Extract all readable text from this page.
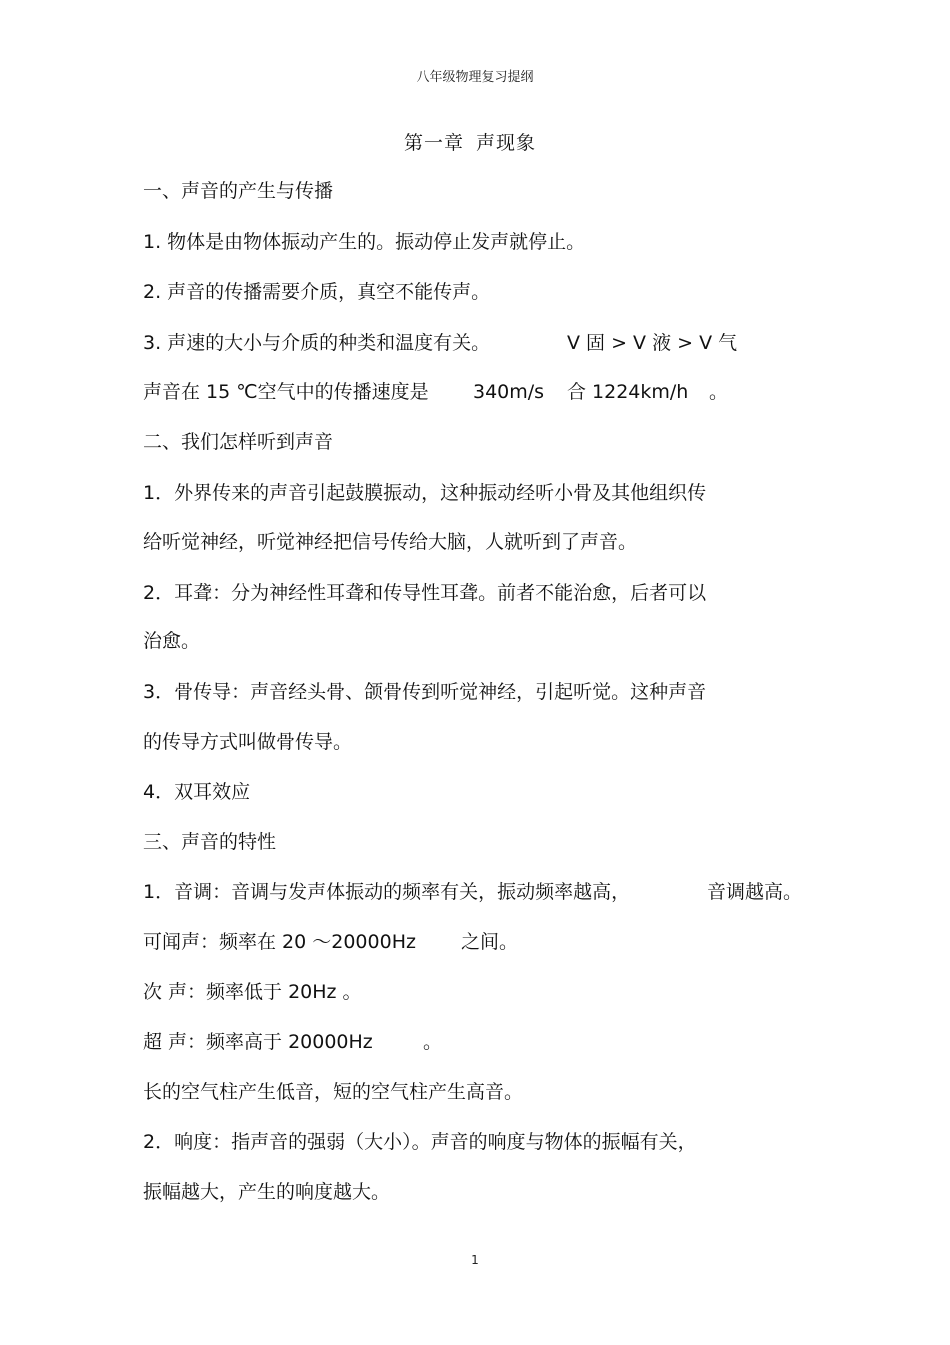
八年级物理复习提纲
第一章 声现象
一、声音的产生与传播
1. 物体是由物体振动产生的。振动停止发声就停止。
2. 声音的传播需要介质，真空不能传声。
3. 声速的大小与介质的种类和温度有关。	V 固 > V 液 > V 气
声音在 15 ℃空气中的传播速度是 340m/s 合 1224km/h 。
二、我们怎样听到声音
1．外界传来的声音引起鼓膜振动，这种振动经听小骨及其他组织传
给听觉神经，听觉神经把信号传给大脑，人就听到了声音。
2．耳聋：分为神经性耳聋和传导性耳聋。前者不能治愈，后者可以
治愈。
3．骨传导：声音经头骨、颌骨传到听觉神经，引起听觉。这种声音
的传导方式叫做骨传导。
4．双耳效应
三、声音的特性
1．音调：音调与发声体振动的频率有关，振动频率越高，	音调越高。
可闻声：频率在 20 ～20000Hz 之间。
次 声：频率低于 20Hz 。
超 声：频率高于 20000Hz	。
长的空气柱产生低音，短的空气柱产生高音。
2．响度：指声音的强弱（大小）。声音的响度与物体的振幅有关，
振幅越大，产生的响度越大。
1
